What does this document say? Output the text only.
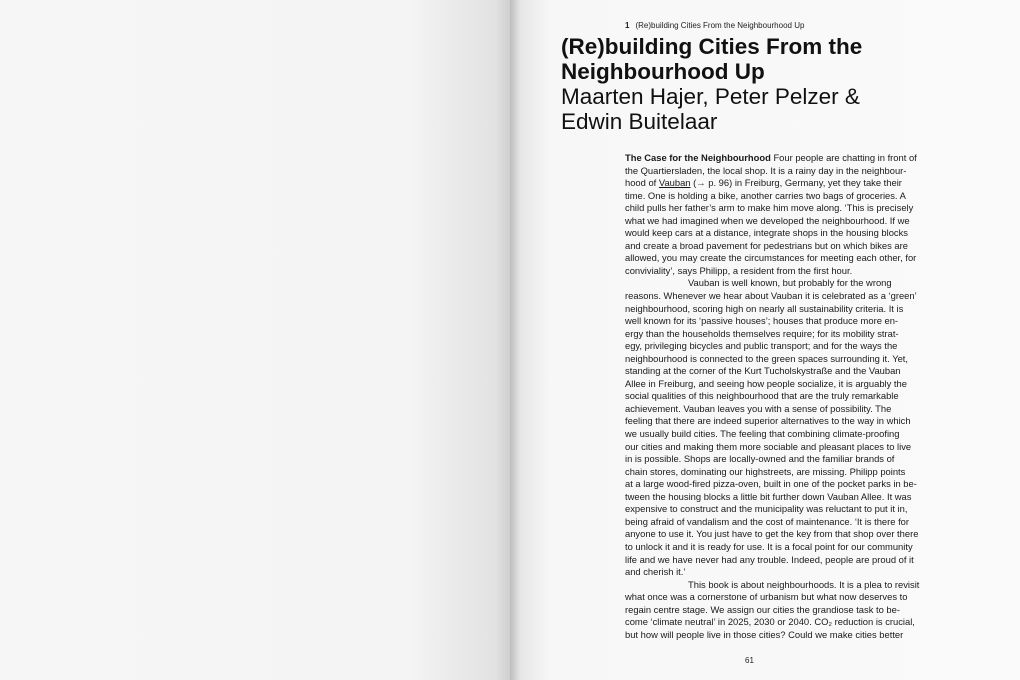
1 (Re)building Cities From the Neighbourhood Up
(Re)building Cities From the
Neighbourhood Up
Maarten Hajer, Peter Pelzer &
Edwin Buitelaar

The Case for the Neighbourhood Four people are chatting in front of
the Quartiersladen, the local shop. It is a rainy day in the neighbour-
hood of Vauban (→ p. 96) in Freiburg, Germany, yet they take their
time. One is holding a bike, another carries two bags of groceries. A
child pulls her father’s arm to make him move along. ‘This is precisely
what we had imagined when we developed the neighbourhood. If we
would keep cars at a distance, integrate shops in the housing blocks
and create a broad pavement for pedestrians but on which bikes are
allowed, you may create the circumstances for meeting each other, for
conviviality’, says Philipp, a resident from the first hour.

Vauban is well known, but probably for the wrong
reasons. Whenever we hear about Vauban it is celebrated as a ‘green’
neighbourhood, scoring high on nearly all sustainability criteria. It is
well known for its ‘passive houses’; houses that produce more en-
ergy than the households themselves require; for its mobility strat-
egy, privileging bicycles and public transport; and for the ways the
neighbourhood is connected to the green spaces surrounding it. Yet,
standing at the corner of the Kurt Tucholskystraße and the Vauban
Allee in Freiburg, and seeing how people socialize, it is arguably the
social qualities of this neighbourhood that are the truly remarkable
achievement. Vauban leaves you with a sense of possibility. The
feeling that there are indeed superior alternatives to the way in which
we usually build cities. The feeling that combining climate-proofing
our cities and making them more sociable and pleasant places to live
in is possible. Shops are locally-owned and the familiar brands of
chain stores, dominating our highstreets, are missing. Philipp points
at a large wood-fired pizza-oven, built in one of the pocket parks in be-
tween the housing blocks a little bit further down Vauban Allee. It was
expensive to construct and the municipality was reluctant to put it in,
being afraid of vandalism and the cost of maintenance. ‘It is there for
anyone to use it. You just have to get the key from that shop over there
to unlock it and it is ready for use. It is a focal point for our community
life and we have never had any trouble. Indeed, people are proud of it
and cherish it.’

This book is about neighbourhoods. It is a plea to revisit
what once was a cornerstone of urbanism but what now deserves to
regain centre stage. We assign our cities the grandiose task to be-
come ‘climate neutral’ in 2025, 2030 or 2040. CO₂ reduction is crucial,
but how will people live in those cities? Could we make cities better

61
